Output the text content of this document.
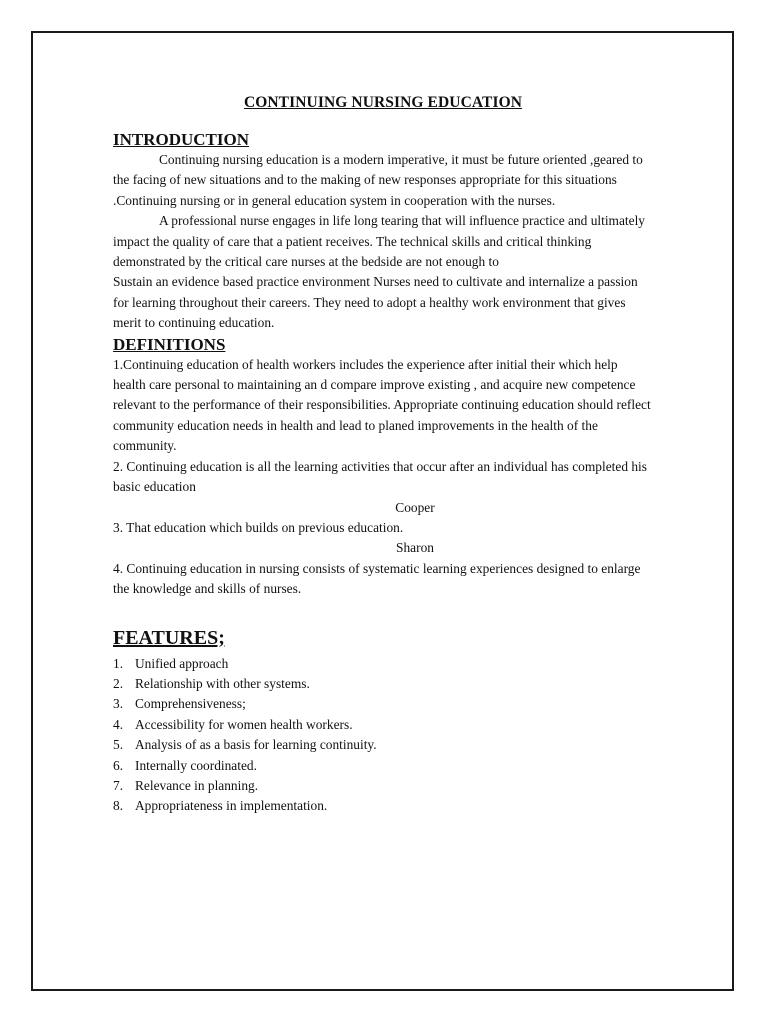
CONTINUING NURSING EDUCATION
INTRODUCTION

Continuing nursing education is a modern imperative, it must be future oriented ,geared to the facing of new situations and to the making of new responses appropriate for this situations .Continuing nursing or in general education system in cooperation with the nurses.

A professional nurse engages in life long tearing that will influence practice and ultimately impact the quality of care that a patient receives. The technical skills and critical thinking demonstrated by the critical care nurses at the bedside are not enough to

Sustain an evidence based practice environment Nurses need to cultivate and internalize a passion for learning throughout their careers. They need to adopt a healthy work environment that gives merit to continuing education.

DEFINITIONS

1.Continuing education of health workers includes the experience after initial their which help health care personal to maintaining an d compare improve existing , and acquire new competence relevant to the performance of their responsibilities. Appropriate continuing education should reflect community education needs in health and lead to planed improvements in the health of the community.

2. Continuing education is all the learning activities that occur after an individual has completed his basic education

Cooper

3. That education which builds on previous education.

Sharon

4. Continuing education in nursing consists of systematic learning experiences designed to enlarge the knowledge and skills of nurses.

FEATURES;
1. Unified approach
2. Relationship with other systems.
3. Comprehensiveness;
4. Accessibility for women health workers.
5. Analysis of as a basis for learning continuity.
6. Internally coordinated.
7. Relevance in planning.
8. Appropriateness in implementation.
